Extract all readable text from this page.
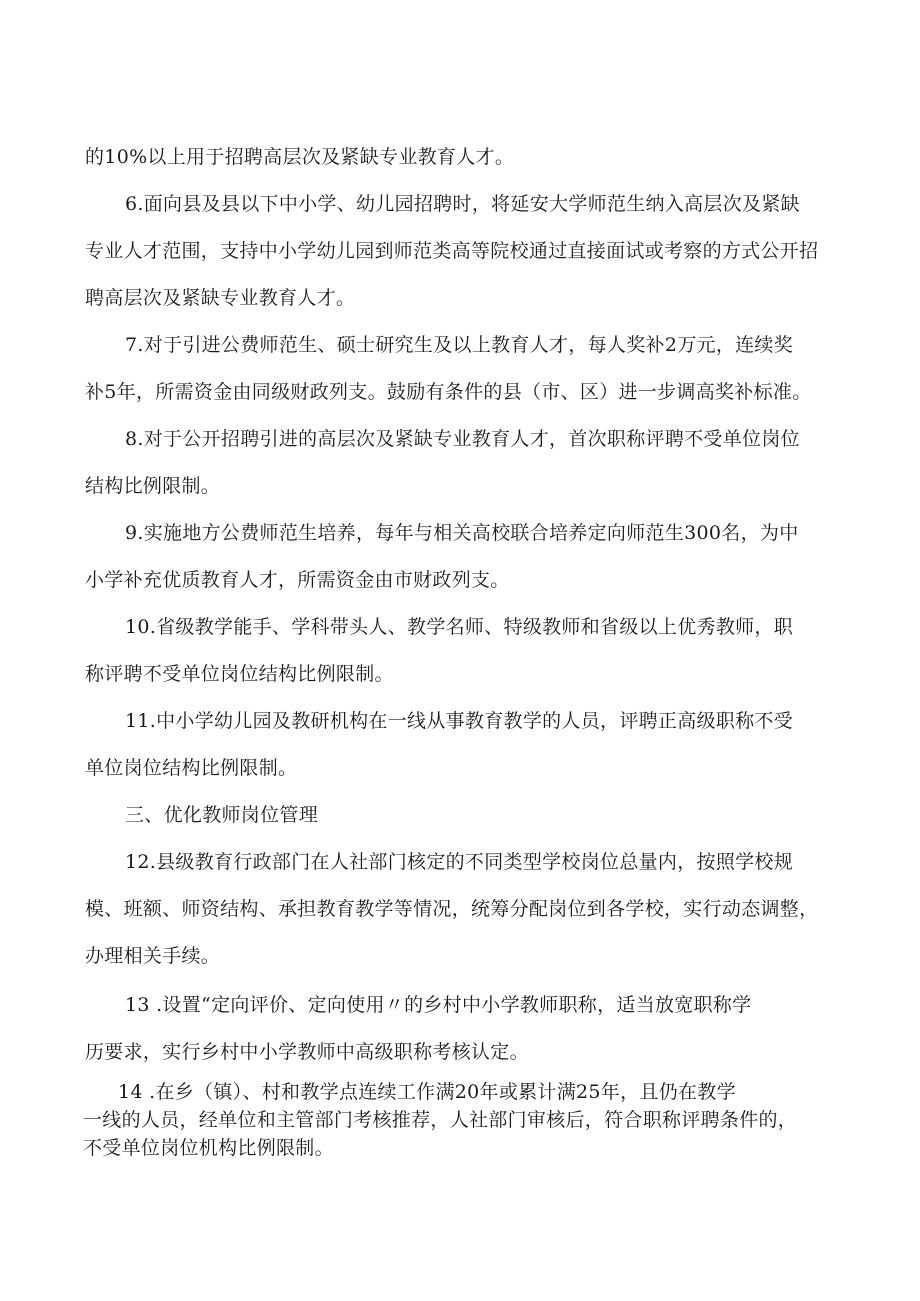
的10%以上用于招聘高层次及紧缺专业教育人才。
6.面向县及县以下中小学、幼儿园招聘时，将延安大学师范生纳入高层次及紧缺
专业人才范围，支持中小学幼儿园到师范类高等院校通过直接面试或考察的方式公开招
聘高层次及紧缺专业教育人才。
7.对于引进公费师范生、硕士研究生及以上教育人才，每人奖补2万元，连续奖
补5年，所需资金由同级财政列支。鼓励有条件的县（市、区）进一步调高奖补标准。
8.对于公开招聘引进的高层次及紧缺专业教育人才，首次职称评聘不受单位岗位
结构比例限制。
9.实施地方公费师范生培养，每年与相关高校联合培养定向师范生300名，为中
小学补充优质教育人才，所需资金由市财政列支。
10.省级教学能手、学科带头人、教学名师、特级教师和省级以上优秀教师，职
称评聘不受单位岗位结构比例限制。
11.中小学幼儿园及教研机构在一线从事教育教学的人员，评聘正高级职称不受
单位岗位结构比例限制。
三、优化教师岗位管理
12.县级教育行政部门在人社部门核定的不同类型学校岗位总量内，按照学校规
模、班额、师资结构、承担教育教学等情况，统筹分配岗位到各学校，实行动态调整，
办理相关手续。
13 .设置“定向评价、定向使用〃的乡村中小学教师职称，适当放宽职称学
历要求，实行乡村中小学教师中高级职称考核认定。
14 .在乡（镇）、村和教学点连续工作满20年或累计满25年，且仍在教学
一线的人员，经单位和主管部门考核推荐，人社部门审核后，符合职称评聘条件的，
不受单位岗位机构比例限制。
